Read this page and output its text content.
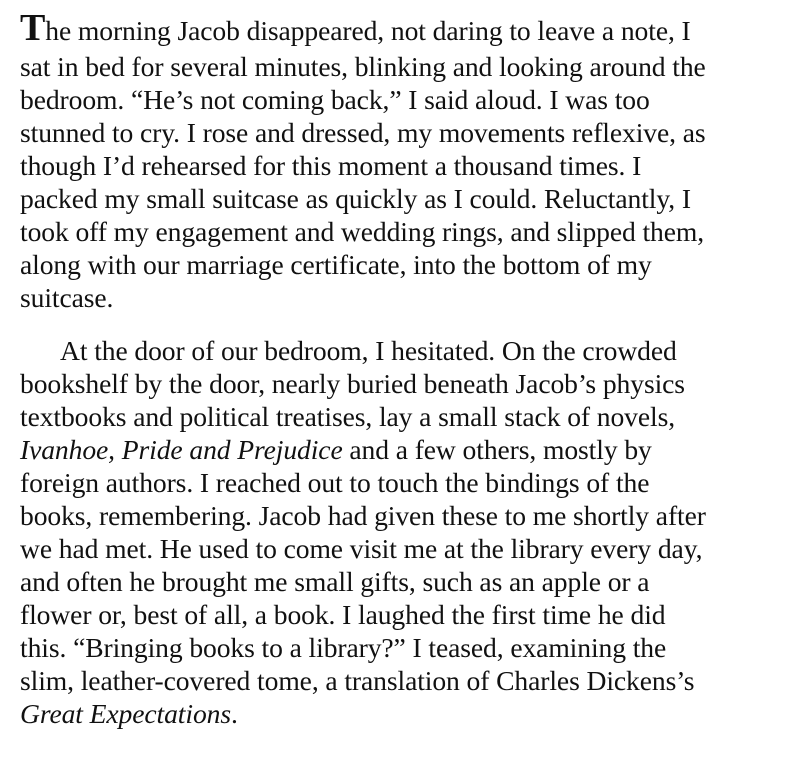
The morning Jacob disappeared, not daring to leave a note, I
sat in bed for several minutes, blinking and looking around the
bedroom. “He’s not coming back,” I said aloud. I was too
stunned to cry. I rose and dressed, my movements reflexive, as
though I’d rehearsed for this moment a thousand times. I
packed my small suitcase as quickly as I could. Reluctantly, I
took off my engagement and wedding rings, and slipped them,
along with our marriage certificate, into the bottom of my
suitcase.
At the door of our bedroom, I hesitated. On the crowded
bookshelf by the door, nearly buried beneath Jacob’s physics
textbooks and political treatises, lay a small stack of novels,
Ivanhoe, Pride and Prejudice and a few others, mostly by
foreign authors. I reached out to touch the bindings of the
books, remembering. Jacob had given these to me shortly after
we had met. He used to come visit me at the library every day,
and often he brought me small gifts, such as an apple or a
flower or, best of all, a book. I laughed the first time he did
this. “Bringing books to a library?” I teased, examining the
slim, leather-covered tome, a translation of Charles Dickens’s
Great Expectations.
